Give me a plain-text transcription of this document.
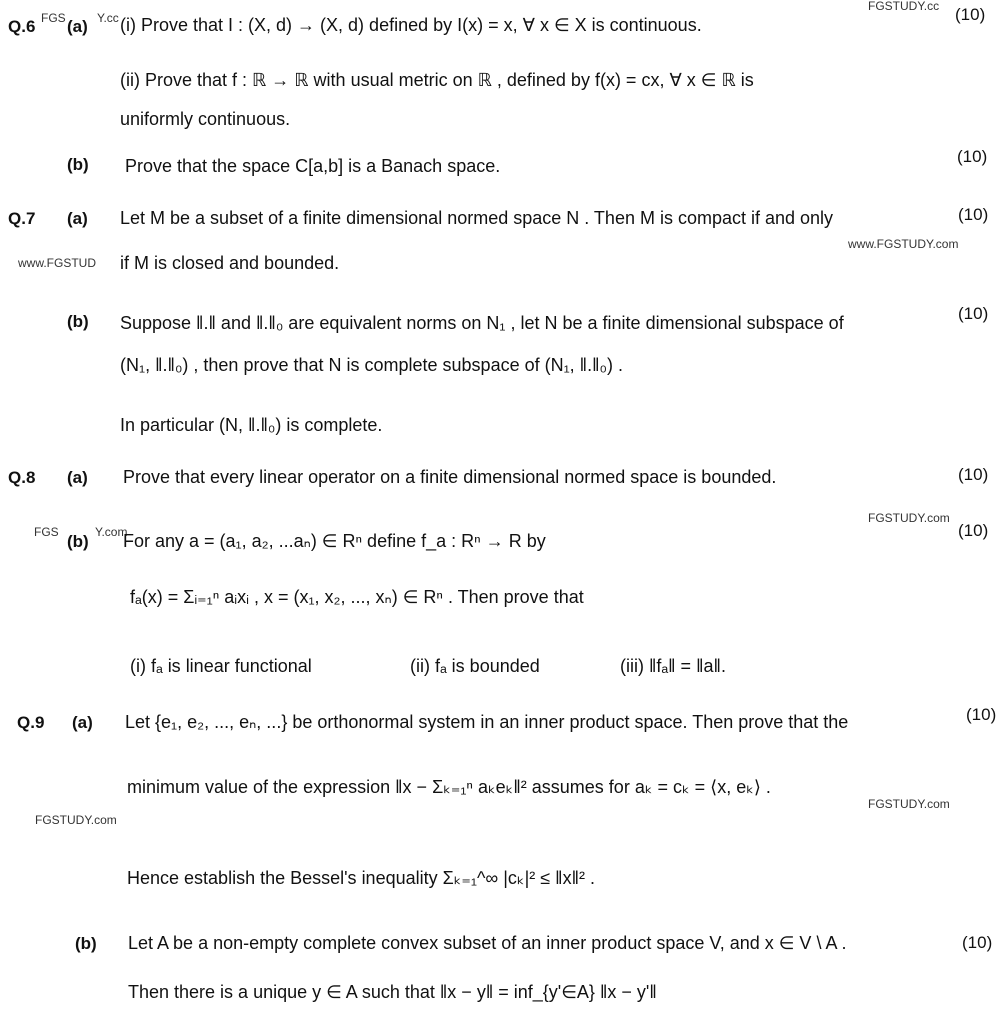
FGSTUDY.cc
FGS	Y.cc
www.FGSTUDY.com
www.FGSTUD
FGSTUDY.com
FGS	Y.com
FGSTUDY.com
FGSTUDY.com
Q.6 (a) (i) Prove that I : (X, d) → (X, d) defined by I(x) = x, ∀ x ∈ X is continuous.
(10)
(ii) Prove that f : ℝ → ℝ with usual metric on ℝ , defined by f(x) = cx, ∀ x ∈ ℝ is
uniformly continuous.
(b) Prove that the space C[a,b] is a Banach space.	(10)
Q.7 (a) Let M be a subset of a finite dimensional normed space N . Then M is compact if and only	(10)
if M is closed and bounded.
(b) Suppose ‖.‖ and ‖.‖₀ are equivalent norms on N₁ , let N be a finite dimensional subspace of	(10)
(N₁, ‖.‖₀) , then prove that N is complete subspace of (N₁, ‖.‖₀) .
In particular (N, ‖.‖₀) is complete.
Q.8 (a) Prove that every linear operator on a finite dimensional normed space is bounded.	(10)
(b) For any a = (a₁, a₂, ...aₙ) ∈ Rⁿ define f_a : Rⁿ → R by
(10)
fₐ(x) = Σᵢ₌₁ⁿ aᵢxᵢ , x = (x₁, x₂, ..., xₙ) ∈ Rⁿ . Then prove that
(i) fₐ is linear functional	(ii) fₐ is bounded	(iii) ‖fₐ‖ = ‖a‖.
Q.9 (a) Let {e₁, e₂, ..., eₙ, ...} be orthonormal system in an inner product space. Then prove that the	(10)
minimum value of the expression ‖x − Σₖ₌₁ⁿ aₖeₖ‖² assumes for aₖ = cₖ = ⟨x, eₖ⟩ .
Hence establish the Bessel's inequality Σₖ₌₁^∞ |cₖ|² ≤ ‖x‖² .
(b) Let A be a non-empty complete convex subset of an inner product space V, and x ∈ V \ A .	(10)
Then there is a unique y ∈ A such that ‖x − y‖ = inf_{y'∈A} ‖x − y'‖
